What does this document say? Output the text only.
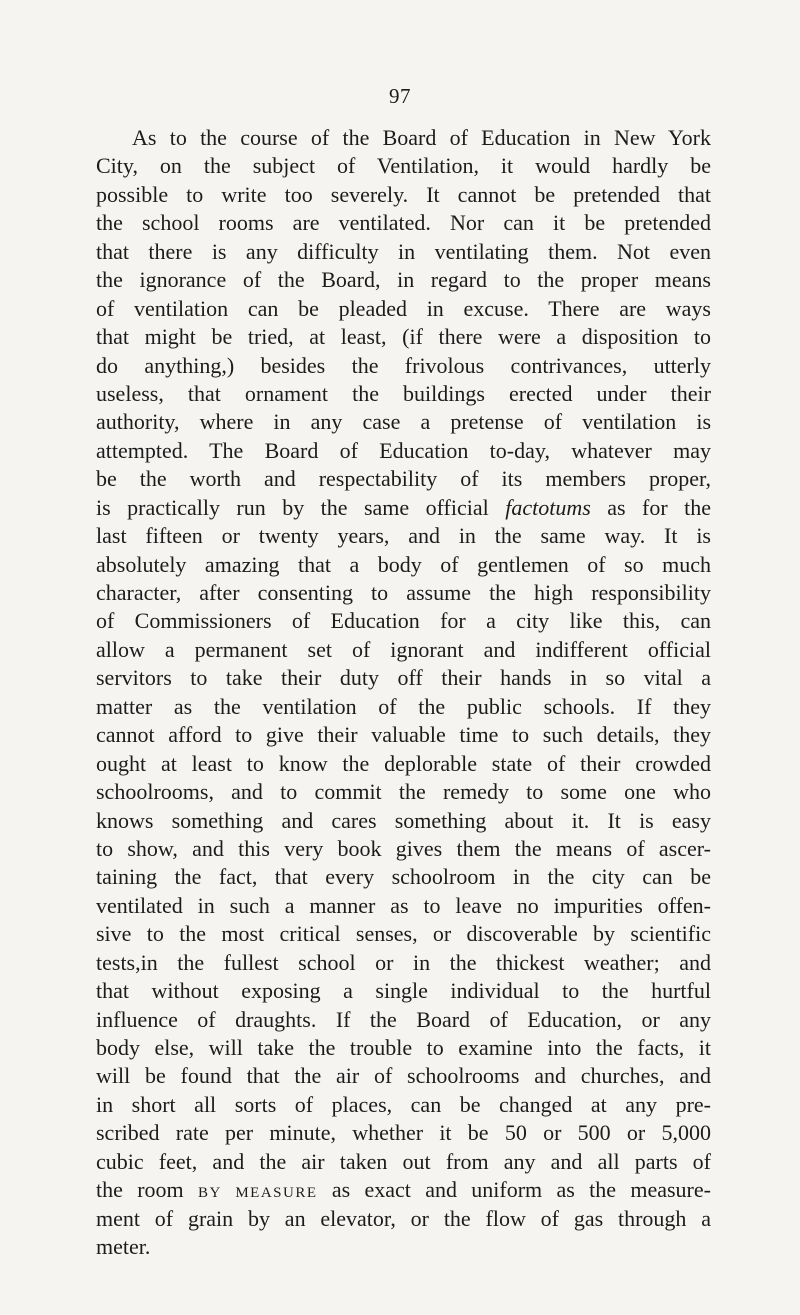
97
As to the course of the Board of Education in New York
City, on the subject of Ventilation, it would hardly be
possible to write too severely. It cannot be pretended that
the school rooms are ventilated. Nor can it be pretended
that there is any difficulty in ventilating them. Not even
the ignorance of the Board, in regard to the proper means
of ventilation can be pleaded in excuse. There are ways
that might be tried, at least, (if there were a disposition to
do anything,) besides the frivolous contrivances, utterly
useless, that ornament the buildings erected under their
authority, where in any case a pretense of ventilation is
attempted. The Board of Education to-day, whatever may
be the worth and respectability of its members proper,
is practically run by the same official factotums as for the
last fifteen or twenty years, and in the same way. It is
absolutely amazing that a body of gentlemen of so much
character, after consenting to assume the high responsibility
of Commissioners of Education for a city like this, can
allow a permanent set of ignorant and indifferent official
servitors to take their duty off their hands in so vital a
matter as the ventilation of the public schools. If they
cannot afford to give their valuable time to such details, they
ought at least to know the deplorable state of their crowded
schoolrooms, and to commit the remedy to some one who
knows something and cares something about it. It is easy
to show, and this very book gives them the means of ascer-
taining the fact, that every schoolroom in the city can be
ventilated in such a manner as to leave no impurities offen-
sive to the most critical senses, or discoverable by scientific
tests,in the fullest school or in the thickest weather; and
that without exposing a single individual to the hurtful
influence of draughts. If the Board of Education, or any
body else, will take the trouble to examine into the facts, it
will be found that the air of schoolrooms and churches, and
in short all sorts of places, can be changed at any pre-
scribed rate per minute, whether it be 50 or 500 or 5,000
cubic feet, and the air taken out from any and all parts of
the room BY MEASURE as exact and uniform as the measure-
ment of grain by an elevator, or the flow of gas through a
meter.
